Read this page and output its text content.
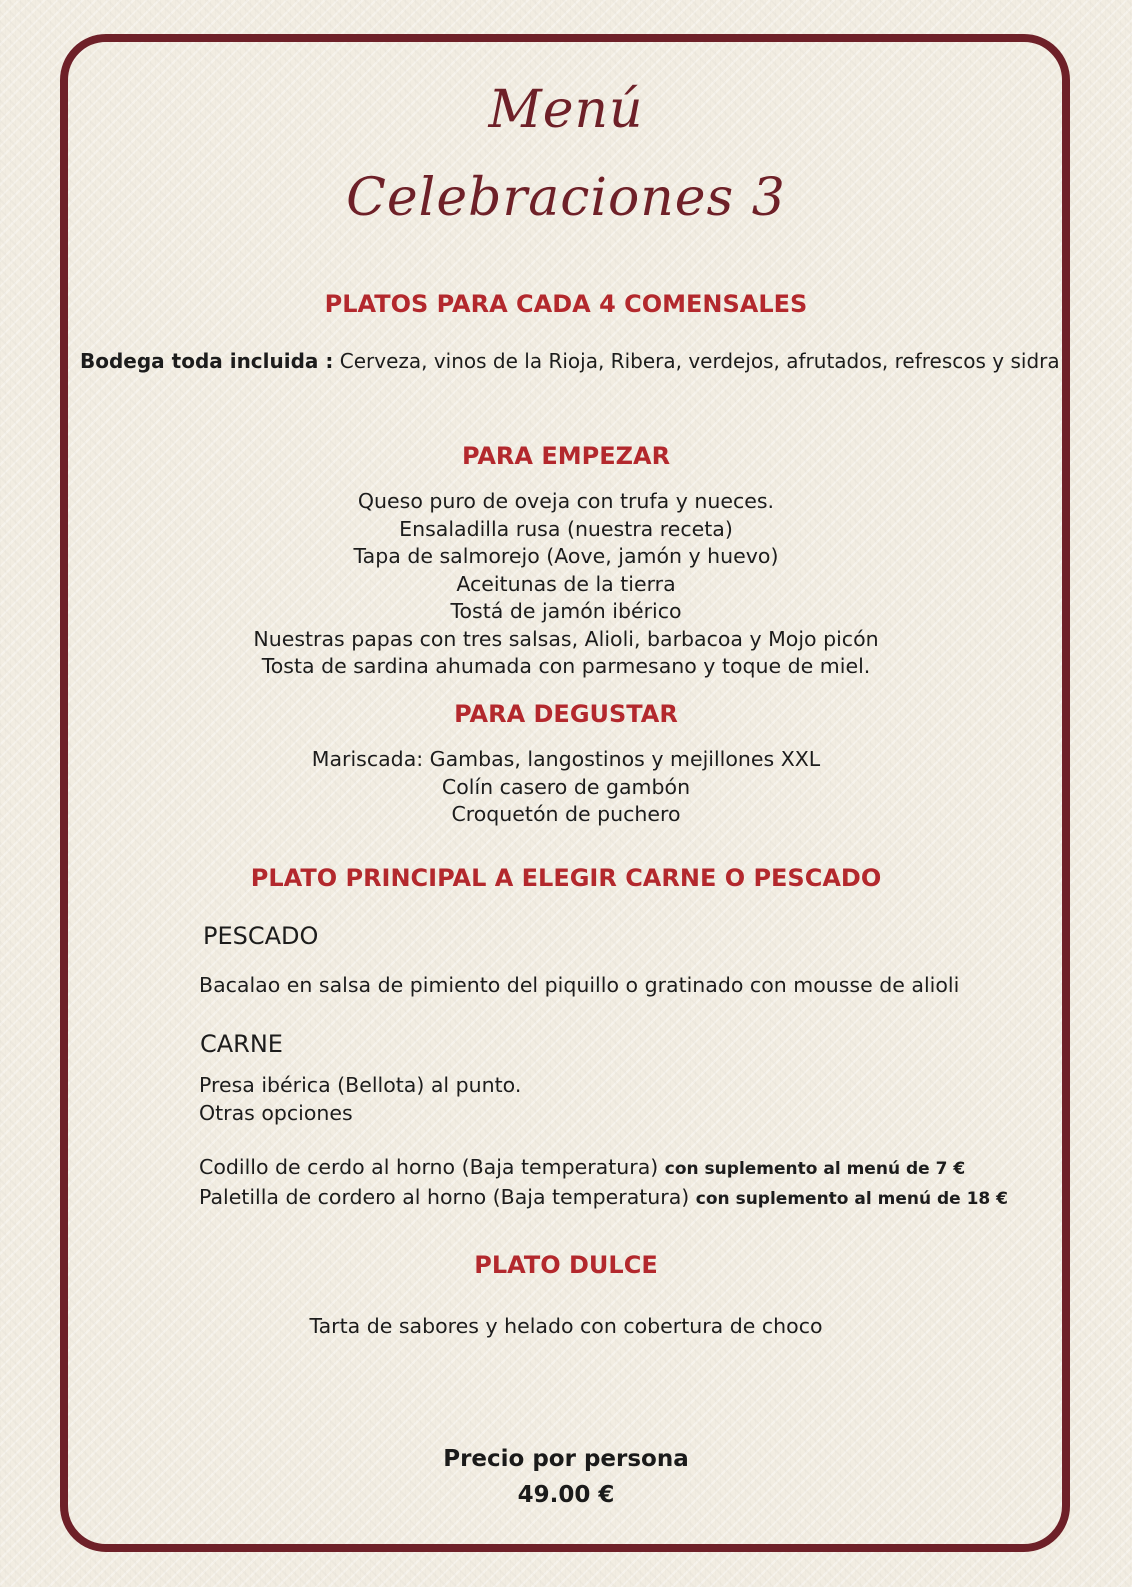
Menú
Celebraciones 3
PLATOS PARA CADA 4 COMENSALES
Bodega toda incluida : Cerveza, vinos de la Rioja, Ribera, verdejos, afrutados, refrescos y sidra
PARA EMPEZAR
Queso puro de oveja con trufa y nueces.
Ensaladilla rusa (nuestra receta)
Tapa de salmorejo (Aove, jamón y huevo)
Aceitunas de la tierra
Tostá de jamón ibérico
Nuestras papas con tres salsas, Alioli, barbacoa y Mojo picón
Tosta de sardina ahumada con parmesano y toque de miel.
PARA DEGUSTAR
Mariscada: Gambas, langostinos y mejillones XXL
Colín casero de gambón
Croquetón de puchero
PLATO PRINCIPAL A ELEGIR CARNE O PESCADO
PESCADO
Bacalao en salsa de pimiento del piquillo o gratinado con mousse de alioli
CARNE
Presa ibérica (Bellota) al punto.
Otras opciones
Codillo de cerdo al horno (Baja temperatura) con suplemento al menú de 7 €
Paletilla de cordero al horno (Baja temperatura) con suplemento al menú de 18 €
PLATO DULCE
Tarta de sabores y helado con cobertura de choco
Precio por persona
49.00 €
